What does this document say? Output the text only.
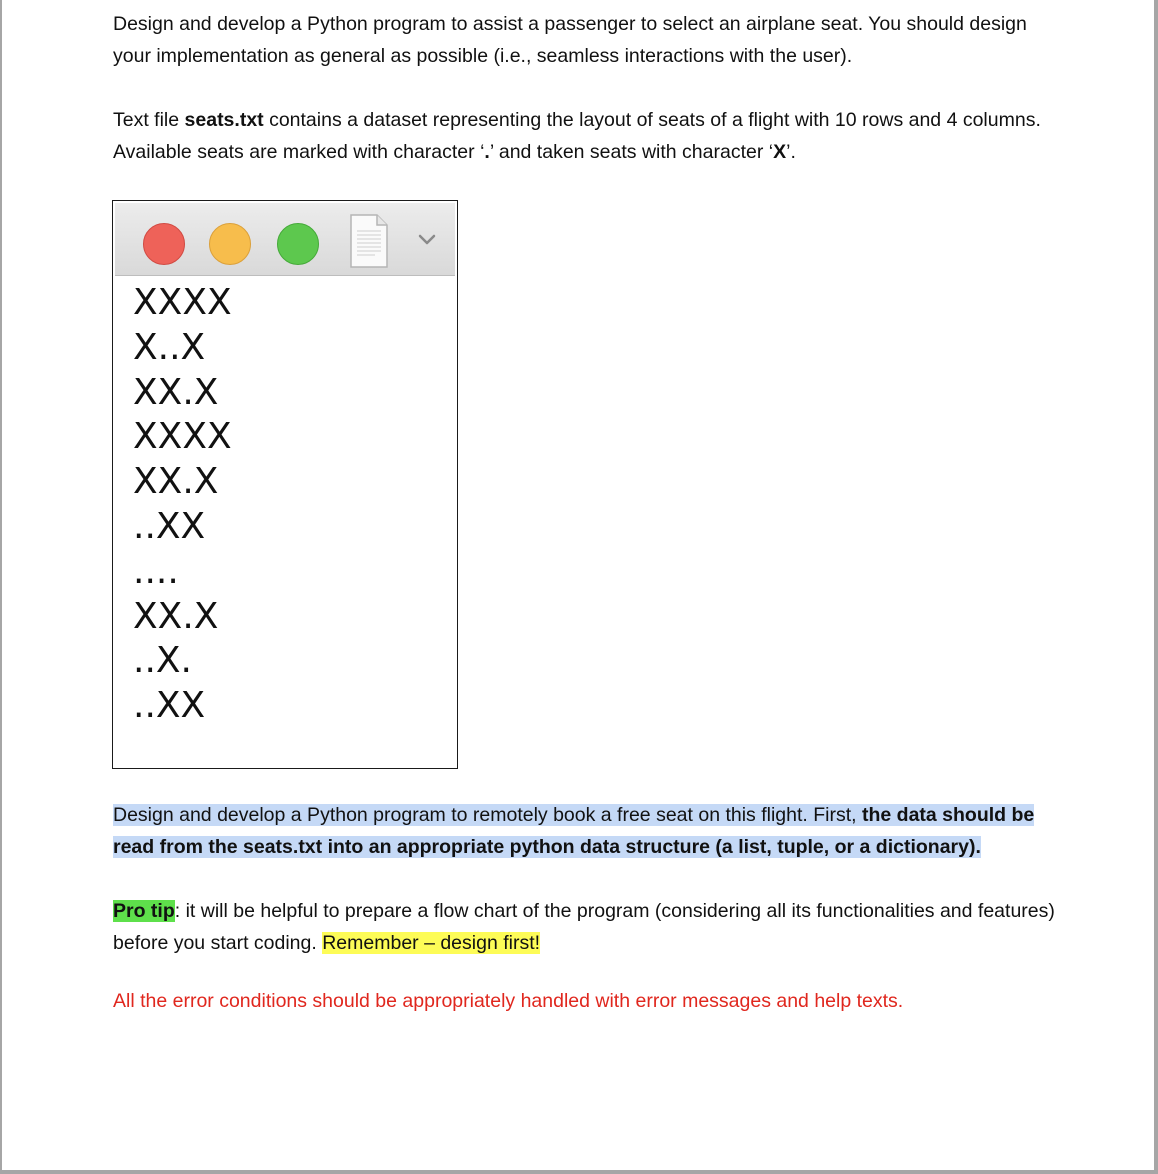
Design and develop a Python program to assist a passenger to select an airplane seat. You should design your implementation as general as possible (i.e., seamless interactions with the user).

Text file seats.txt contains a dataset representing the layout of seats of a flight with 10 rows and 4 columns. Available seats are marked with character ‘.’ and taken seats with character ‘X’.

XXXX
X..X
XX.X
XXXX
XX.X
..XX
....
XX.X
..X.
..XX

Design and develop a Python program to remotely book a free seat on this flight. First, the data should be read from the seats.txt into an appropriate python data structure (a list, tuple, or a dictionary).

Pro tip: it will be helpful to prepare a flow chart of the program (considering all its functionalities and features) before you start coding. Remember – design first!

All the error conditions should be appropriately handled with error messages and help texts.
